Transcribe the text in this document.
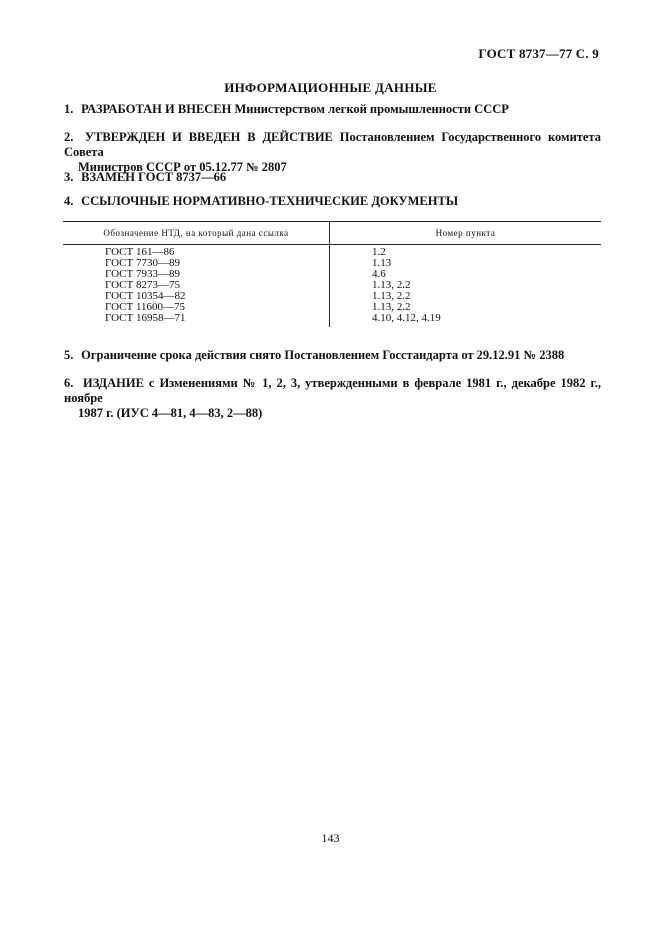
ГОСТ 8737—77 С. 9
ИНФОРМАЦИОННЫЕ ДАННЫЕ
1. РАЗРАБОТАН И ВНЕСЕН Министерством легкой промышленности СССР
2. УТВЕРЖДЕН И ВВЕДЕН В ДЕЙСТВИЕ Постановлением Государственного комитета Совета
Министров СССР от 05.12.77 № 2807
3. ВЗАМЕН ГОСТ 8737—66
4. ССЫЛОЧНЫЕ НОРМАТИВНО-ТЕХНИЧЕСКИЕ ДОКУМЕНТЫ
Обозначение НТД, на который дана ссылка	Номер пункта
ГОСТ 161—86	1.2
ГОСТ 7730—89	1.13
ГОСТ 7933—89	4.6
ГОСТ 8273—75	1.13, 2.2
ГОСТ 10354—82	1.13, 2.2
ГОСТ 11600—75	1.13, 2.2
ГОСТ 16958—71	4.10, 4.12, 4.19
5. Ограничение срока действия снято Постановлением Госстандарта от 29.12.91 № 2388
6. ИЗДАНИЕ с Изменениями № 1, 2, 3, утвержденными в феврале 1981 г., декабре 1982 г., ноябре
1987 г. (ИУС 4—81, 4—83, 2—88)
143
